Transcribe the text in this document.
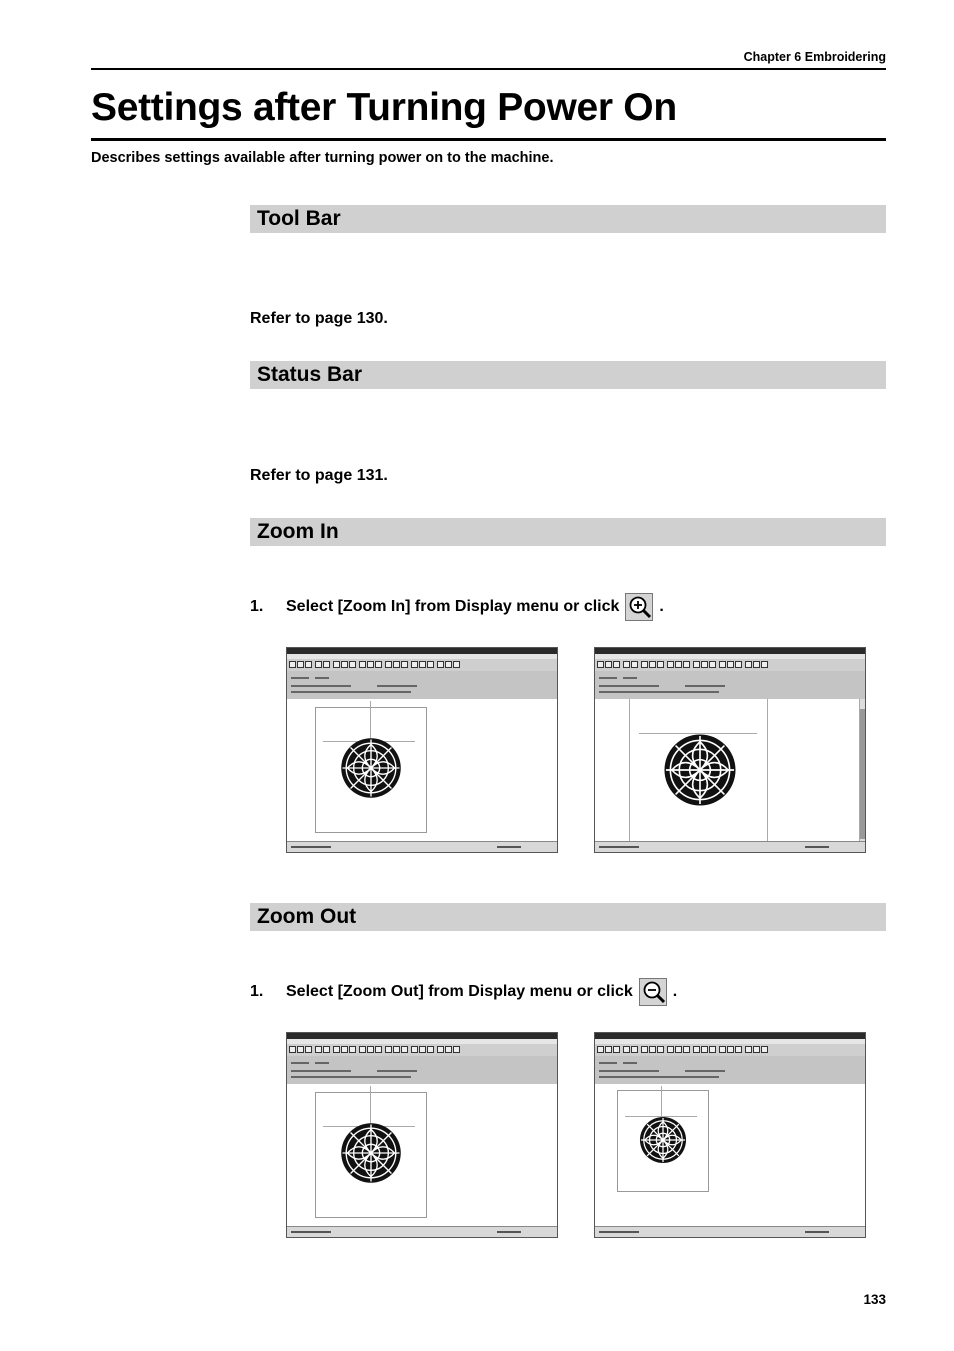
Chapter 6 Embroidering
Settings after Turning Power On
Describes settings available after turning power on to the machine.
Tool Bar
Refer to page 130.
Status Bar
Refer to page 131.
Zoom In
1.	Select [Zoom In] from Display menu or click	.
Zoom Out
1.	Select [Zoom Out] from Display menu or click	.
133
